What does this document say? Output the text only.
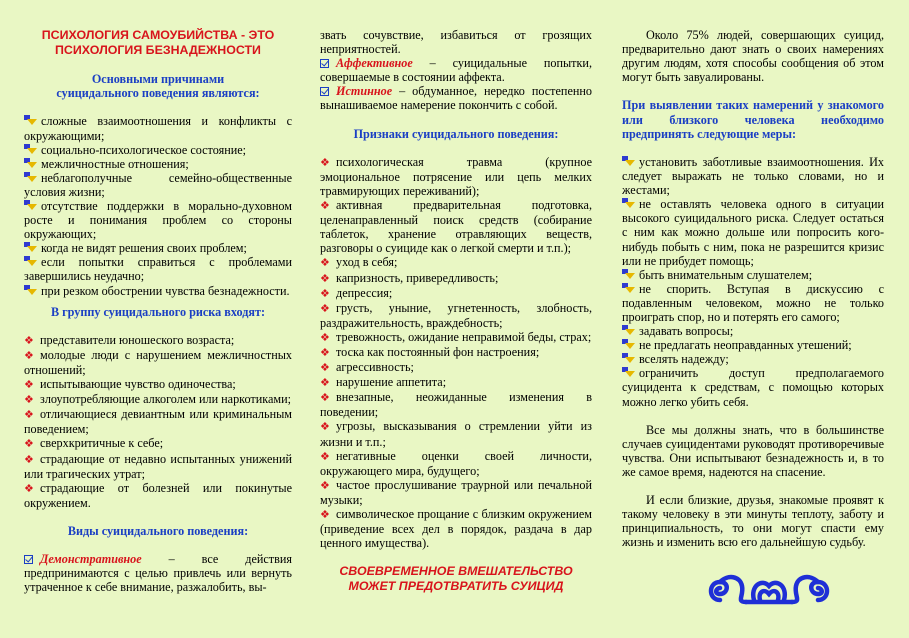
ПСИХОЛОГИЯ САМОУБИЙСТВА - ЭТО
ПСИХОЛОГИЯ БЕЗНАДЕЖНОСТИ
Основными причинами
суицидального поведения являются:
сложные взаимоотношения и конфликты с окружающими;
социально-психологическое состояние;
межличностные отношения;
неблагополучные семейно-общественные условия жизни;
отсутствие поддержки в морально-духовном росте и понимания проблем со стороны окружающих;
когда не видят решения своих проблем;
если попытки справиться с проблемами завершились неудачно;
при резком обострении чувства безнадежности.
В группу суицидального риска входят:
❖ представители юношеского возраста;
❖ молодые люди с нарушением межличностных отношений;
❖ испытывающие чувство одиночества;
❖ злоупотребляющие алкоголем или наркотиками;
❖ отличающиеся девиантным или криминальным поведением;
❖ сверхкритичные к себе;
❖ страдающие от недавно испытанных унижений или трагических утрат;
❖ страдающие от болезней или покинутые окружением.
Виды суицидального поведения:
Демонстративное – все действия предпринимаются с целью привлечь или вернуть утраченное к себе внимание, разжалобить, вы-
звать сочувствие, избавиться от грозящих неприятностей.
Аффективное – суицидальные попытки, совершаемые в состоянии аффекта.
Истинное – обдуманное, нередко постепенно вынашиваемое намерение покончить с собой.
Признаки суицидального поведения:
❖ психологическая травма (крупное эмоциональное потрясение или цепь мелких травмирующих переживаний);
❖ активная предварительная подготовка, целенаправленный поиск средств (собирание таблеток, хранение отравляющих веществ, разговоры о суициде как о легкой смерти и т.п.);
❖ уход в себя;
❖ капризность, привередливость;
❖ депрессия;
❖ грусть, уныние, угнетенность, злобность, раздражительность, враждебность;
❖ тревожность, ожидание неправимой беды, страх;
❖ тоска как постоянный фон настроения;
❖ агрессивность;
❖ нарушение аппетита;
❖ внезапные, неожиданные изменения в поведении;
❖ угрозы, высказывания о стремлении уйти из жизни и т.п.;
❖ негативные оценки своей личности, окружающего мира, будущего;
❖ частое прослушивание траурной или печальной музыки;
❖ символическое прощание с близким окружением (приведение всех дел в порядок, раздача в дар ценного имущества).
СВОЕВРЕМЕННОЕ ВМЕШАТЕЛЬСТВО
МОЖЕТ ПРЕДОТВРАТИТЬ СУИЦИД
Около 75% людей, совершающих суицид, предварительно дают знать о своих намерениях другим людям, хотя способы сообщения об этом могут быть завуалированы.
При выявлении таких намерений у знакомого или близкого человека необходимо предпринять следующие меры:
установить заботливые взаимоотношения. Их следует выражать не только словами, но и жестами;
не оставлять человека одного в ситуации высокого суицидального риска. Следует остаться с ним как можно дольше или попросить кого-нибудь побыть с ним, пока не разрешится кризис или не прибудет помощь;
быть внимательным слушателем;
не спорить. Вступая в дискуссию с подавленным человеком, можно не только проиграть спор, но и потерять его самого;
задавать вопросы;
не предлагать неоправданных утешений;
вселять надежду;
ограничить доступ предполагаемого суицидента к средствам, с помощью которых можно легко убить себя.
Все мы должны знать, что в большинстве случаев суицидентами руководят противоречивые чувства. Они испытывают безнадежность и, в то же самое время, надеются на спасение.
И если близкие, друзья, знакомые проявят к такому человеку в эти минуты теплоту, заботу и принципиальность, то они могут спасти ему жизнь и изменить всю его дальнейшую судьбу.
